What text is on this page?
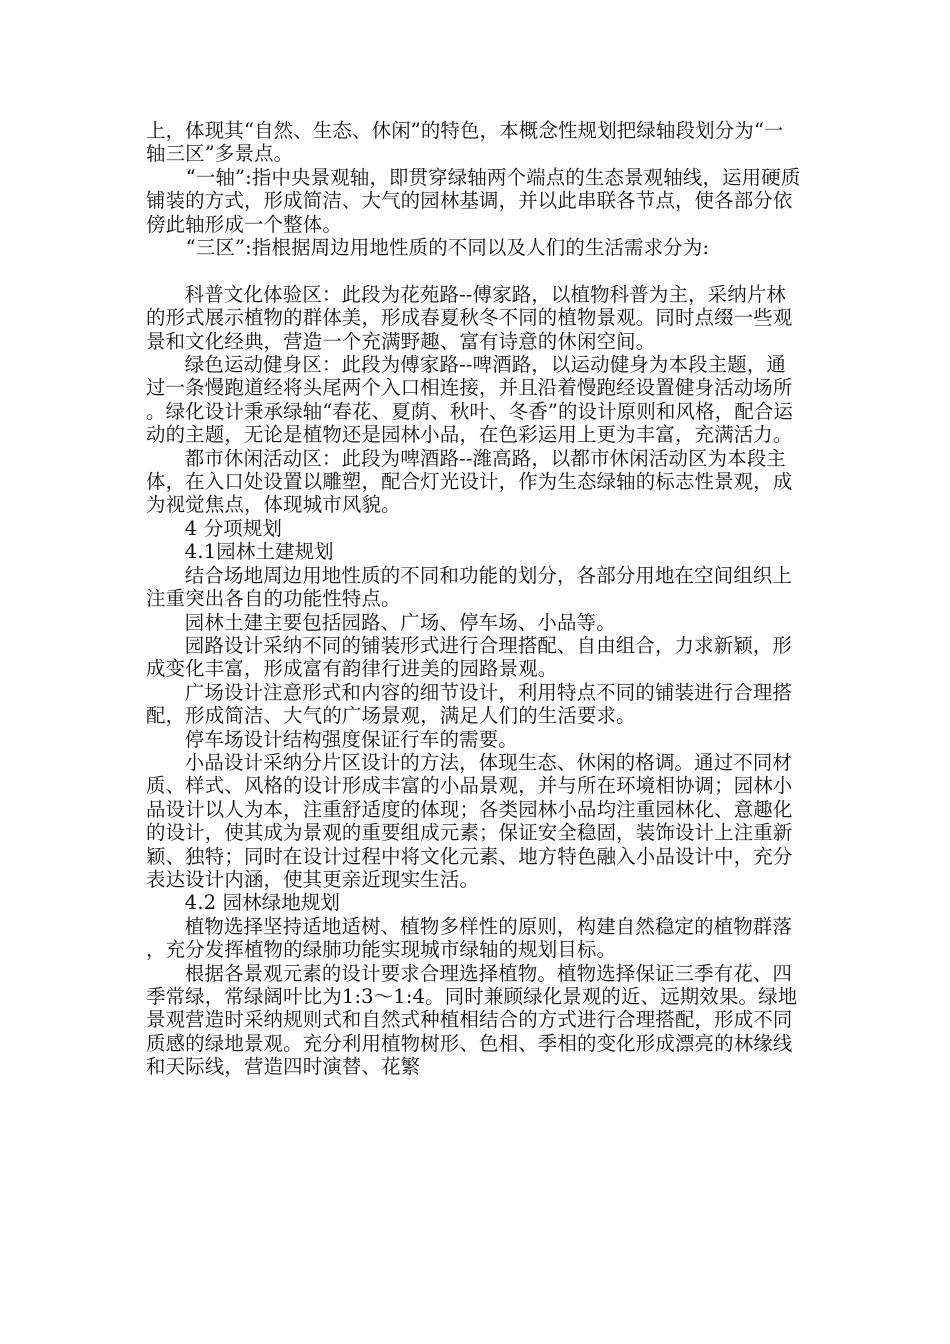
上，体现其“自然、生态、休闲”的特色，本概念性规划把绿轴段划分为“一轴三区”多景点。

“一轴”:指中央景观轴，即贯穿绿轴两个端点的生态景观轴线，运用硬质铺装的方式，形成简洁、大气的园林基调，并以此串联各节点，使各部分依傍此轴形成一个整体。

“三区”:指根据周边用地性质的不同以及人们的生活需求分为:

科普文化体验区：此段为花苑路--傅家路，以植物科普为主，采纳片林的形式展示植物的群体美，形成春夏秋冬不同的植物景观。同时点缀一些观景和文化经典，营造一个充满野趣、富有诗意的休闲空间。

绿色运动健身区：此段为傅家路--啤酒路，以运动健身为本段主题，通过一条慢跑道经将头尾两个入口相连接，并且沿着慢跑经设置健身活动场所。绿化设计秉承绿轴“春花、夏荫、秋叶、冬香”的设计原则和风格，配合运动的主题，无论是植物还是园林小品，在色彩运用上更为丰富，充满活力。

都市休闲活动区：此段为啤酒路--潍高路，以都市休闲活动区为本段主体，在入口处设置以雕塑，配合灯光设计，作为生态绿轴的标志性景观，成为视觉焦点，体现城市风貌。

4 分项规划

4.1园林土建规划

结合场地周边用地性质的不同和功能的划分，各部分用地在空间组织上注重突出各自的功能性特点。

园林土建主要包括园路、广场、停车场、小品等。

园路设计采纳不同的铺装形式进行合理搭配、自由组合，力求新颖，形成变化丰富，形成富有韵律行进美的园路景观。

广场设计注意形式和内容的细节设计，利用特点不同的铺装进行合理搭配，形成简洁、大气的广场景观，满足人们的生活要求。

停车场设计结构强度保证行车的需要。

小品设计采纳分片区设计的方法，体现生态、休闲的格调。通过不同材质、样式、风格的设计形成丰富的小品景观，并与所在环境相协调；园林小品设计以人为本，注重舒适度的体现；各类园林小品均注重园林化、意趣化的设计，使其成为景观的重要组成元素；保证安全稳固，装饰设计上注重新颖、独特；同时在设计过程中将文化元素、地方特色融入小品设计中，充分表达设计内涵，使其更亲近现实生活。

4.2 园林绿地规划

植物选择坚持适地适树、植物多样性的原则，构建自然稳定的植物群落，充分发挥植物的绿肺功能实现城市绿轴的规划目标。

根据各景观元素的设计要求合理选择植物。植物选择保证三季有花、四季常绿，常绿阔叶比为1:3～1:4。同时兼顾绿化景观的近、远期效果。绿地景观营造时采纳规则式和自然式种植相结合的方式进行合理搭配，形成不同质感的绿地景观。充分利用植物树形、色相、季相的变化形成漂亮的林缘线和天际线，营造四时演替、花繁
